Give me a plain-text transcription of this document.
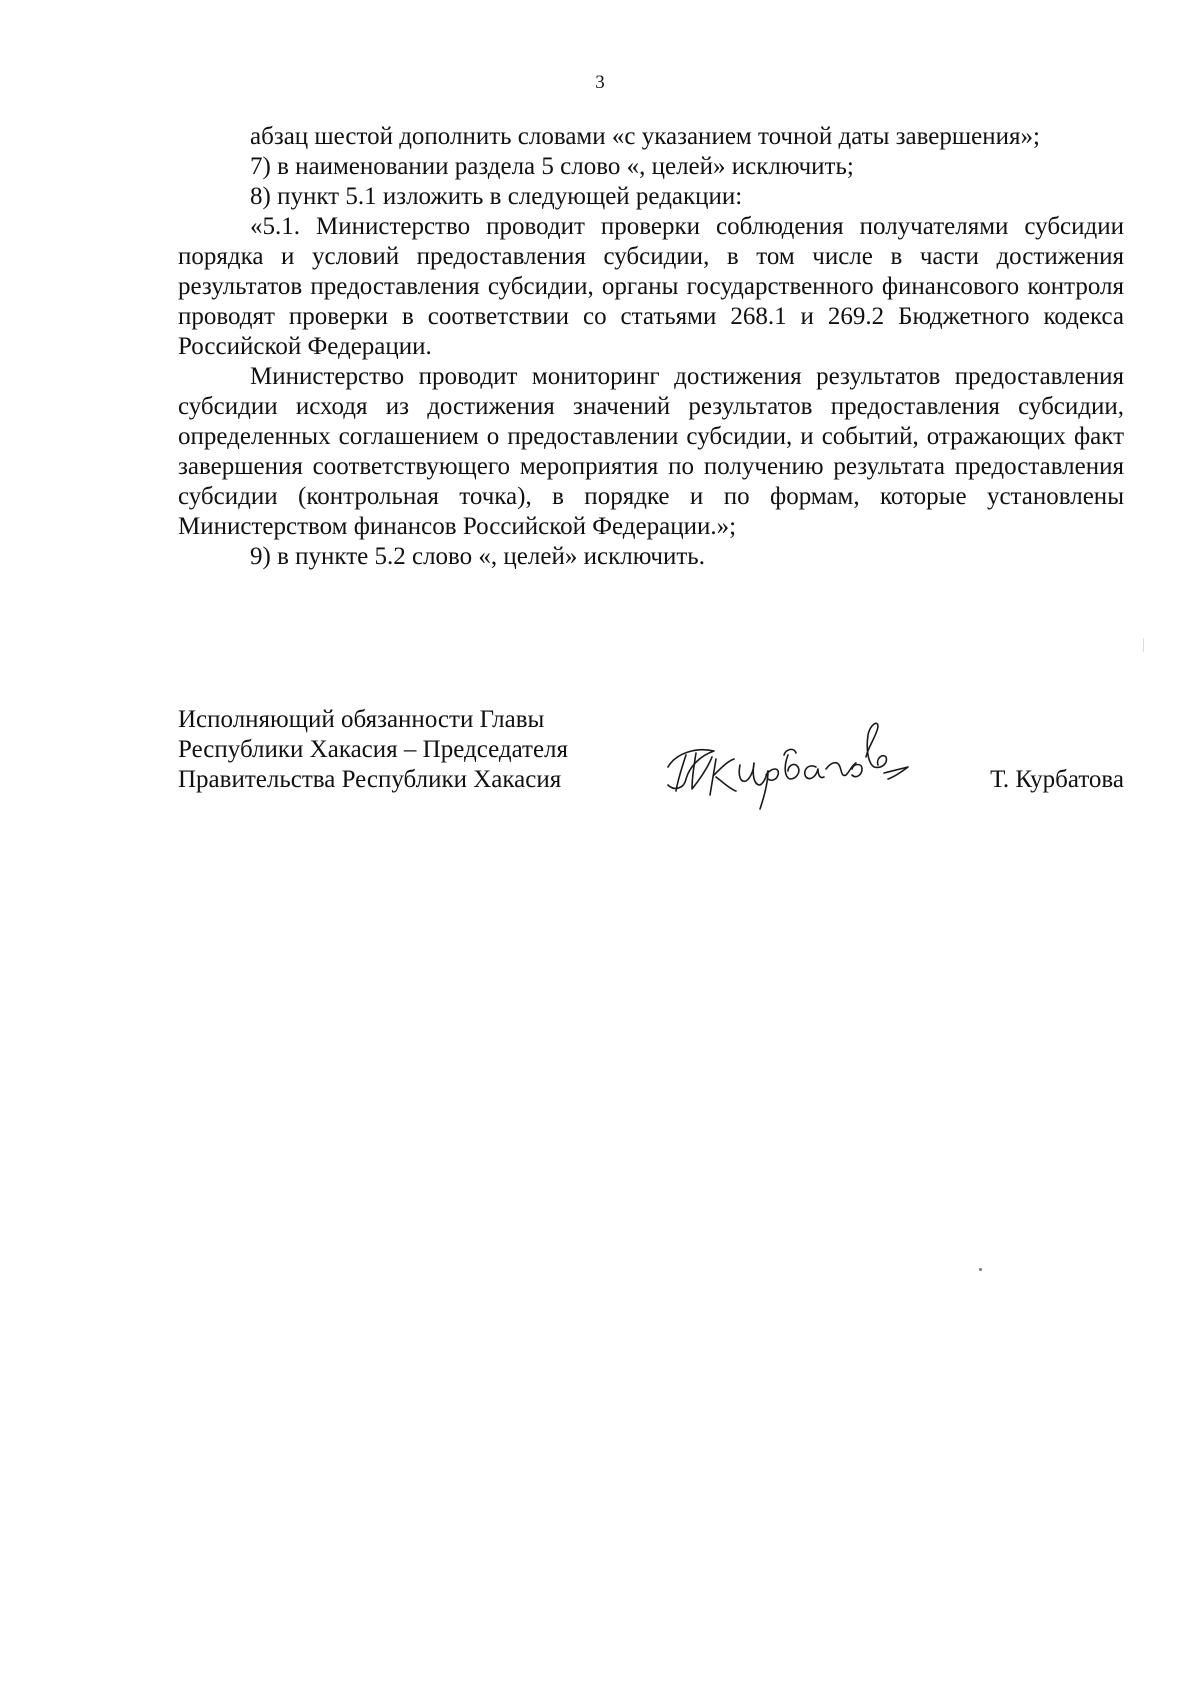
3

абзац шестой дополнить словами «с указанием точной даты завершения»;

7) в наименовании раздела 5 слово «, целей» исключить;

8) пункт 5.1 изложить в следующей редакции:

«5.1. Министерство проводит проверки соблюдения получателями субсидии порядка и условий предоставления субсидии, в том числе в части достижения результатов предоставления субсидии, органы государственного финансового контроля проводят проверки в соответствии со статьями 268.1 и 269.2 Бюджетного кодекса Российской Федерации.

Министерство проводит мониторинг достижения результатов предоставления субсидии исходя из достижения значений результатов предоставления субсидии, определенных соглашением о предоставлении субсидии, и событий, отражающих факт завершения соответствующего мероприятия по получению результата предоставления субсидии (контрольная точка), в порядке и по формам, которые установлены Министерством финансов Российской Федерации.»;

9) в пункте 5.2 слово «, целей» исключить.

Исполняющий обязанности Главы
Республики Хакасия – Председателя
Правительства Республики Хакасия	Т. Курбатова
